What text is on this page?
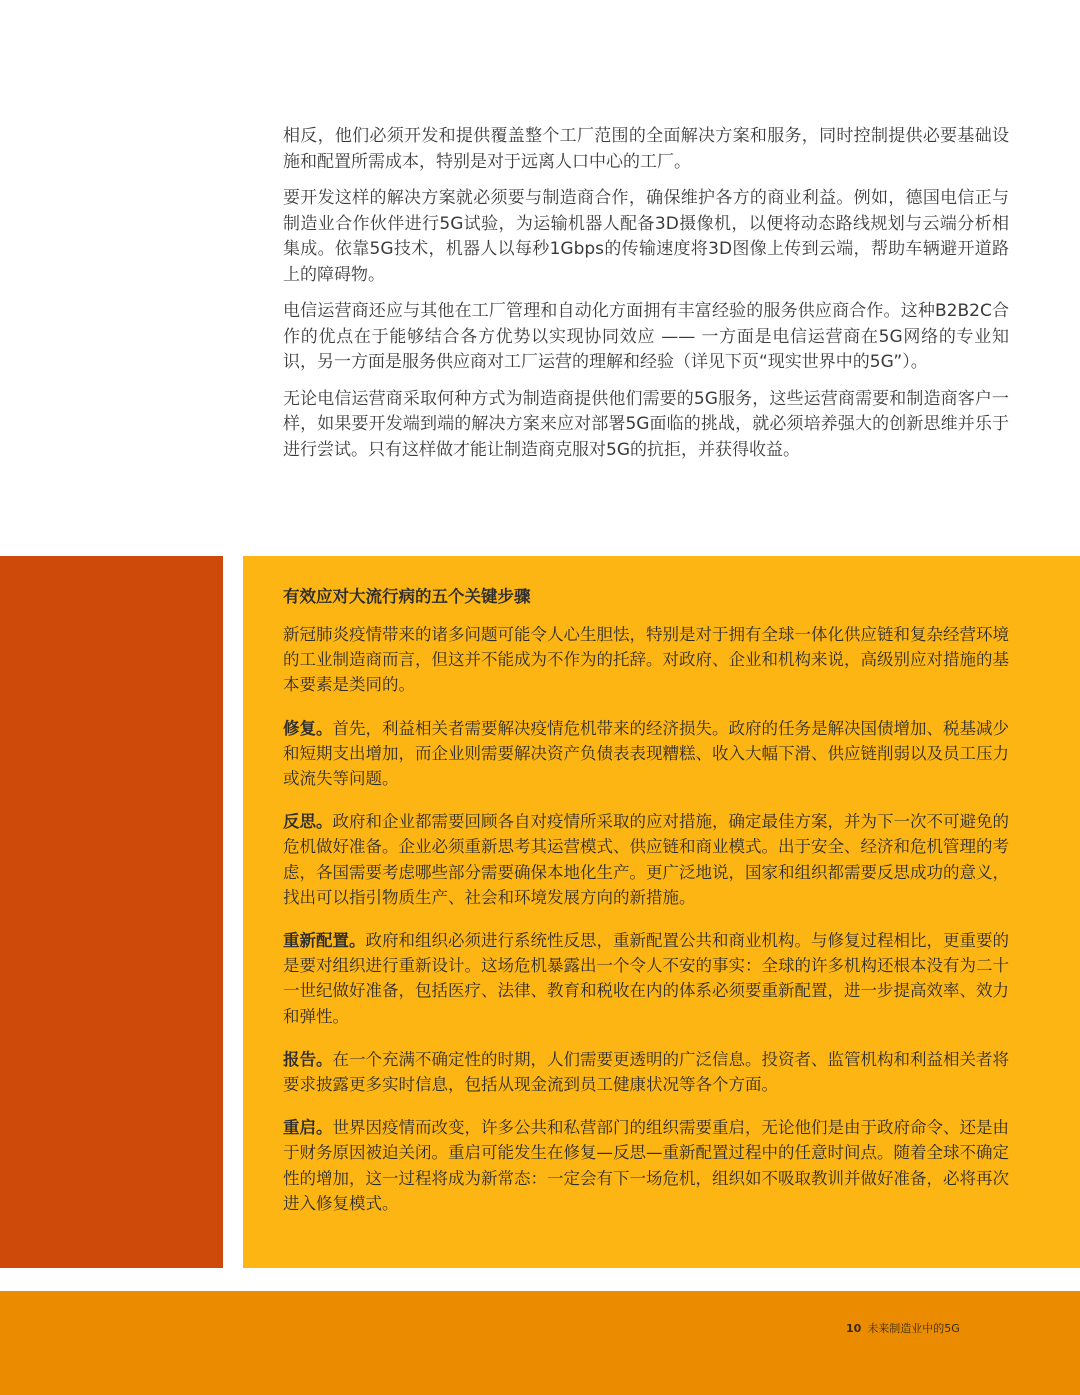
相反，他们必须开发和提供覆盖整个工厂范围的全面解决方案和服务，同时控制提供必要基础设施和配置所需成本，特别是对于远离人口中心的工厂。

要开发这样的解决方案就必须要与制造商合作，确保维护各方的商业利益。例如，德国电信正与制造业合作伙伴进行5G试验，为运输机器人配备3D摄像机，以便将动态路线规划与云端分析相集成。依靠5G技术，机器人以每秒1Gbps的传输速度将3D图像上传到云端，帮助车辆避开道路上的障碍物。

电信运营商还应与其他在工厂管理和自动化方面拥有丰富经验的服务供应商合作。这种B2B2C合作的优点在于能够结合各方优势以实现协同效应 —— 一方面是电信运营商在5G网络的专业知识，另一方面是服务供应商对工厂运营的理解和经验（详见下页“现实世界中的5G”）。

无论电信运营商采取何种方式为制造商提供他们需要的5G服务，这些运营商需要和制造商客户一样，如果要开发端到端的解决方案来应对部署5G面临的挑战，就必须培养强大的创新思维并乐于进行尝试。只有这样做才能让制造商克服对5G的抗拒，并获得收益。

有效应对大流行病的五个关键步骤

新冠肺炎疫情带来的诸多问题可能令人心生胆怯，特别是对于拥有全球一体化供应链和复杂经营环境的工业制造商而言，但这并不能成为不作为的托辞。对政府、企业和机构来说，高级别应对措施的基本要素是类同的。

修复。首先，利益相关者需要解决疫情危机带来的经济损失。政府的任务是解决国债增加、税基减少和短期支出增加，而企业则需要解决资产负债表表现糟糕、收入大幅下滑、供应链削弱以及员工压力或流失等问题。

反思。政府和企业都需要回顾各自对疫情所采取的应对措施，确定最佳方案，并为下一次不可避免的危机做好准备。企业必须重新思考其运营模式、供应链和商业模式。出于安全、经济和危机管理的考虑，各国需要考虑哪些部分需要确保本地化生产。更广泛地说，国家和组织都需要反思成功的意义，找出可以指引物质生产、社会和环境发展方向的新措施。

重新配置。政府和组织必须进行系统性反思，重新配置公共和商业机构。与修复过程相比，更重要的是要对组织进行重新设计。这场危机暴露出一个令人不安的事实：全球的许多机构还根本没有为二十一世纪做好准备，包括医疗、法律、教育和税收在内的体系必须要重新配置，进一步提高效率、效力和弹性。

报告。在一个充满不确定性的时期，人们需要更透明的广泛信息。投资者、监管机构和利益相关者将要求披露更多实时信息，包括从现金流到员工健康状况等各个方面。

重启。世界因疫情而改变，许多公共和私营部门的组织需要重启，无论他们是由于政府命令、还是由于财务原因被迫关闭。重启可能发生在修复—反思—重新配置过程中的任意时间点。随着全球不确定性的增加，这一过程将成为新常态：一定会有下一场危机，组织如不吸取教训并做好准备，必将再次进入修复模式。

10 未来制造业中的5G
